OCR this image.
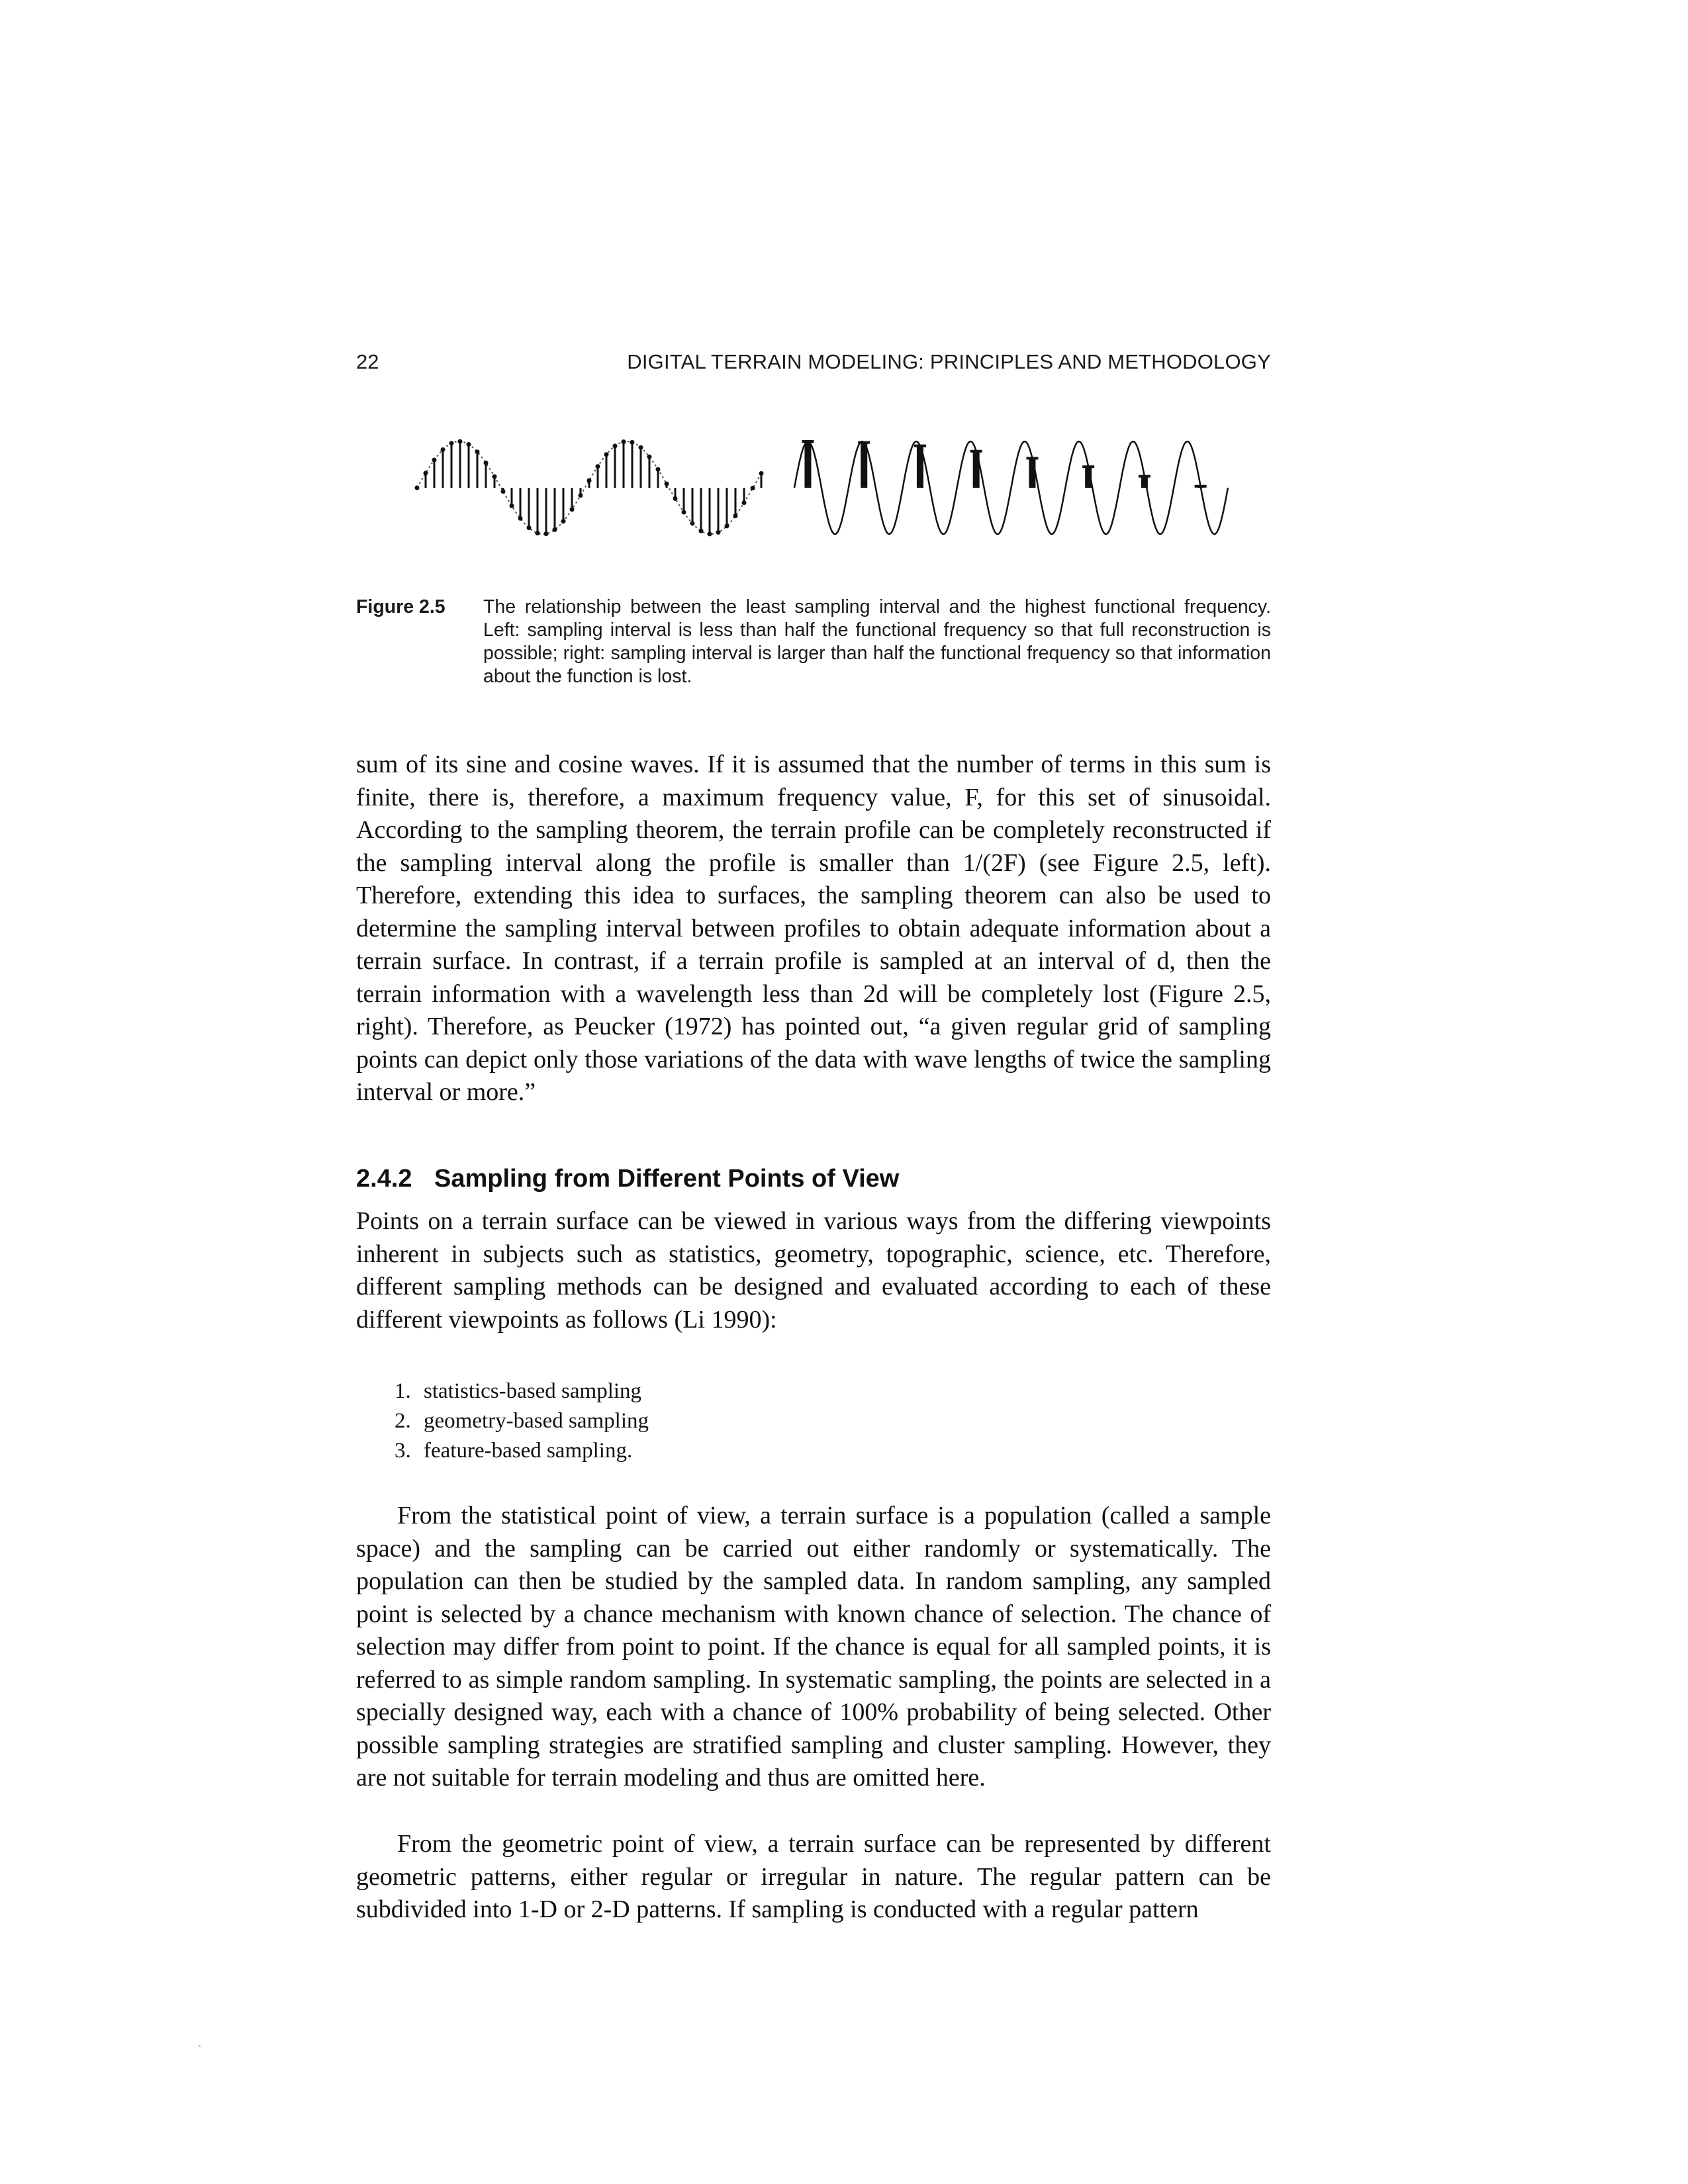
22	DIGITAL TERRAIN MODELING: PRINCIPLES AND METHODOLOGY
Figure 2.5 The relationship between the least sampling interval and the highest functional frequency. Left: sampling interval is less than half the functional frequency so that full reconstruction is possible; right: sampling interval is larger than half the functional frequency so that information about the function is lost.

sum of its sine and cosine waves. If it is assumed that the number of terms in this sum is finite, there is, therefore, a maximum frequency value, F, for this set of sinusoidal. According to the sampling theorem, the terrain profile can be completely reconstructed if the sampling interval along the profile is smaller than 1/(2F) (see Figure 2.5, left). Therefore, extending this idea to surfaces, the sampling theorem can also be used to determine the sampling interval between profiles to obtain adequate information about a terrain surface. In contrast, if a terrain profile is sampled at an interval of d, then the terrain information with a wavelength less than 2d will be completely lost (Figure 2.5, right). Therefore, as Peucker (1972) has pointed out, “a given regular grid of sampling points can depict only those variations of the data with wave lengths of twice the sampling interval or more.”

2.4.2 Sampling from Different Points of View

Points on a terrain surface can be viewed in various ways from the differing viewpoints inherent in subjects such as statistics, geometry, topographic, science, etc. Therefore, different sampling methods can be designed and evaluated according to each of these different viewpoints as follows (Li 1990):

1. statistics-based sampling
2. geometry-based sampling
3. feature-based sampling.

From the statistical point of view, a terrain surface is a population (called a sample space) and the sampling can be carried out either randomly or systematically. The population can then be studied by the sampled data. In random sampling, any sampled point is selected by a chance mechanism with known chance of selection. The chance of selection may differ from point to point. If the chance is equal for all sampled points, it is referred to as simple random sampling. In systematic sampling, the points are selected in a specially designed way, each with a chance of 100% probability of being selected. Other possible sampling strategies are stratified sampling and cluster sampling. However, they are not suitable for terrain modeling and thus are omitted here.

From the geometric point of view, a terrain surface can be represented by different geometric patterns, either regular or irregular in nature. The regular pattern can be subdivided into 1-D or 2-D patterns. If sampling is conducted with a regular pattern
